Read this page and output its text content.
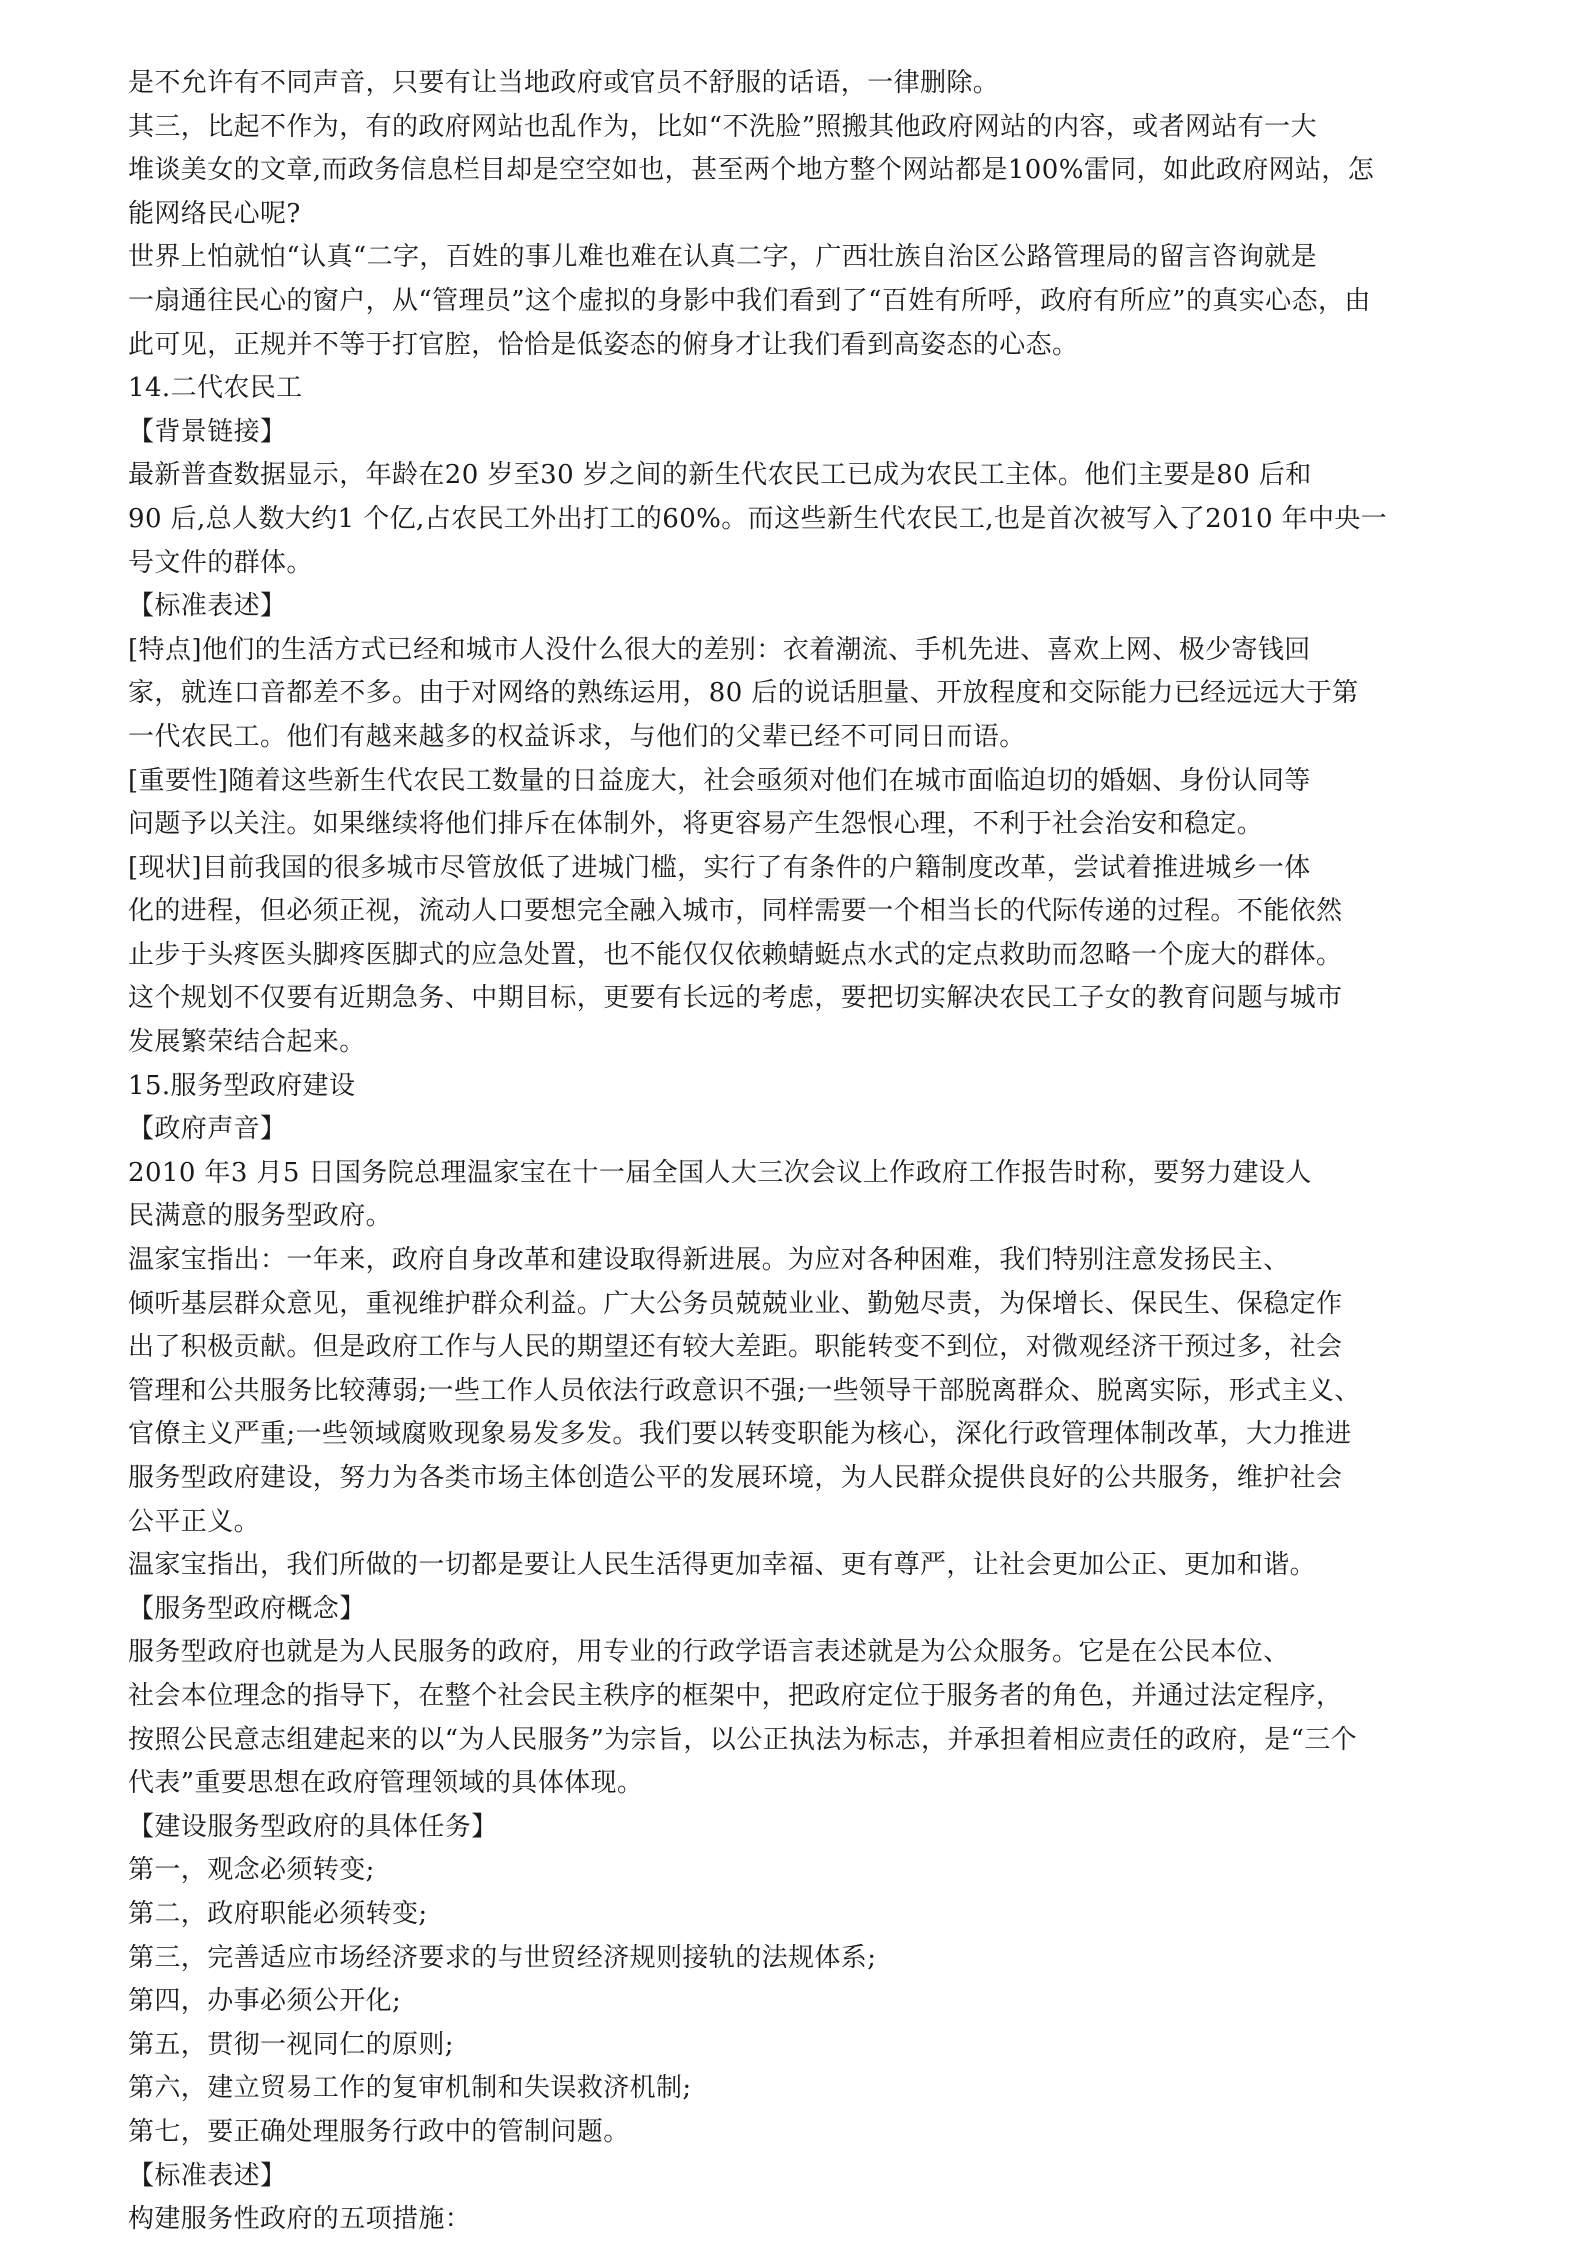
是不允许有不同声音，只要有让当地政府或官员不舒服的话语，一律删除。
其三，比起不作为，有的政府网站也乱作为，比如“不洗脸”照搬其他政府网站的内容，或者网站有一大
堆谈美女的文章,而政务信息栏目却是空空如也，甚至两个地方整个网站都是100%雷同，如此政府网站，怎
能网络民心呢?
世界上怕就怕“认真“二字，百姓的事儿难也难在认真二字，广西壮族自治区公路管理局的留言咨询就是
一扇通往民心的窗户，从“管理员”这个虚拟的身影中我们看到了“百姓有所呼，政府有所应”的真实心态，由
此可见，正规并不等于打官腔，恰恰是低姿态的俯身才让我们看到高姿态的心态。
14.二代农民工
【背景链接】
最新普查数据显示，年龄在20 岁至30 岁之间的新生代农民工已成为农民工主体。他们主要是80 后和
90 后,总人数大约1 个亿,占农民工外出打工的60%。而这些新生代农民工,也是首次被写入了2010 年中央一
号文件的群体。
【标准表述】
[特点]他们的生活方式已经和城市人没什么很大的差别：衣着潮流、手机先进、喜欢上网、极少寄钱回
家，就连口音都差不多。由于对网络的熟练运用，80 后的说话胆量、开放程度和交际能力已经远远大于第
一代农民工。他们有越来越多的权益诉求，与他们的父辈已经不可同日而语。
[重要性]随着这些新生代农民工数量的日益庞大，社会亟须对他们在城市面临迫切的婚姻、身份认同等
问题予以关注。如果继续将他们排斥在体制外，将更容易产生怨恨心理，不利于社会治安和稳定。
[现状]目前我国的很多城市尽管放低了进城门槛，实行了有条件的户籍制度改革，尝试着推进城乡一体
化的进程，但必须正视，流动人口要想完全融入城市，同样需要一个相当长的代际传递的过程。不能依然
止步于头疼医头脚疼医脚式的应急处置，也不能仅仅依赖蜻蜓点水式的定点救助而忽略一个庞大的群体。
这个规划不仅要有近期急务、中期目标，更要有长远的考虑，要把切实解决农民工子女的教育问题与城市
发展繁荣结合起来。
15.服务型政府建设
【政府声音】
2010 年3 月5 日国务院总理温家宝在十一届全国人大三次会议上作政府工作报告时称，要努力建设人
民满意的服务型政府。
温家宝指出：一年来，政府自身改革和建设取得新进展。为应对各种困难，我们特别注意发扬民主、
倾听基层群众意见，重视维护群众利益。广大公务员兢兢业业、勤勉尽责，为保增长、保民生、保稳定作
出了积极贡献。但是政府工作与人民的期望还有较大差距。职能转变不到位，对微观经济干预过多，社会
管理和公共服务比较薄弱;一些工作人员依法行政意识不强;一些领导干部脱离群众、脱离实际，形式主义、
官僚主义严重;一些领域腐败现象易发多发。我们要以转变职能为核心，深化行政管理体制改革，大力推进
服务型政府建设，努力为各类市场主体创造公平的发展环境，为人民群众提供良好的公共服务，维护社会
公平正义。
温家宝指出，我们所做的一切都是要让人民生活得更加幸福、更有尊严，让社会更加公正、更加和谐。
【服务型政府概念】
服务型政府也就是为人民服务的政府，用专业的行政学语言表述就是为公众服务。它是在公民本位、
社会本位理念的指导下，在整个社会民主秩序的框架中，把政府定位于服务者的角色，并通过法定程序，
按照公民意志组建起来的以“为人民服务”为宗旨，以公正执法为标志，并承担着相应责任的政府，是“三个
代表”重要思想在政府管理领域的具体体现。
【建设服务型政府的具体任务】
第一，观念必须转变;
第二，政府职能必须转变;
第三，完善适应市场经济要求的与世贸经济规则接轨的法规体系;
第四，办事必须公开化;
第五，贯彻一视同仁的原则;
第六，建立贸易工作的复审机制和失误救济机制;
第七，要正确处理服务行政中的管制问题。
【标准表述】
构建服务性政府的五项措施：
